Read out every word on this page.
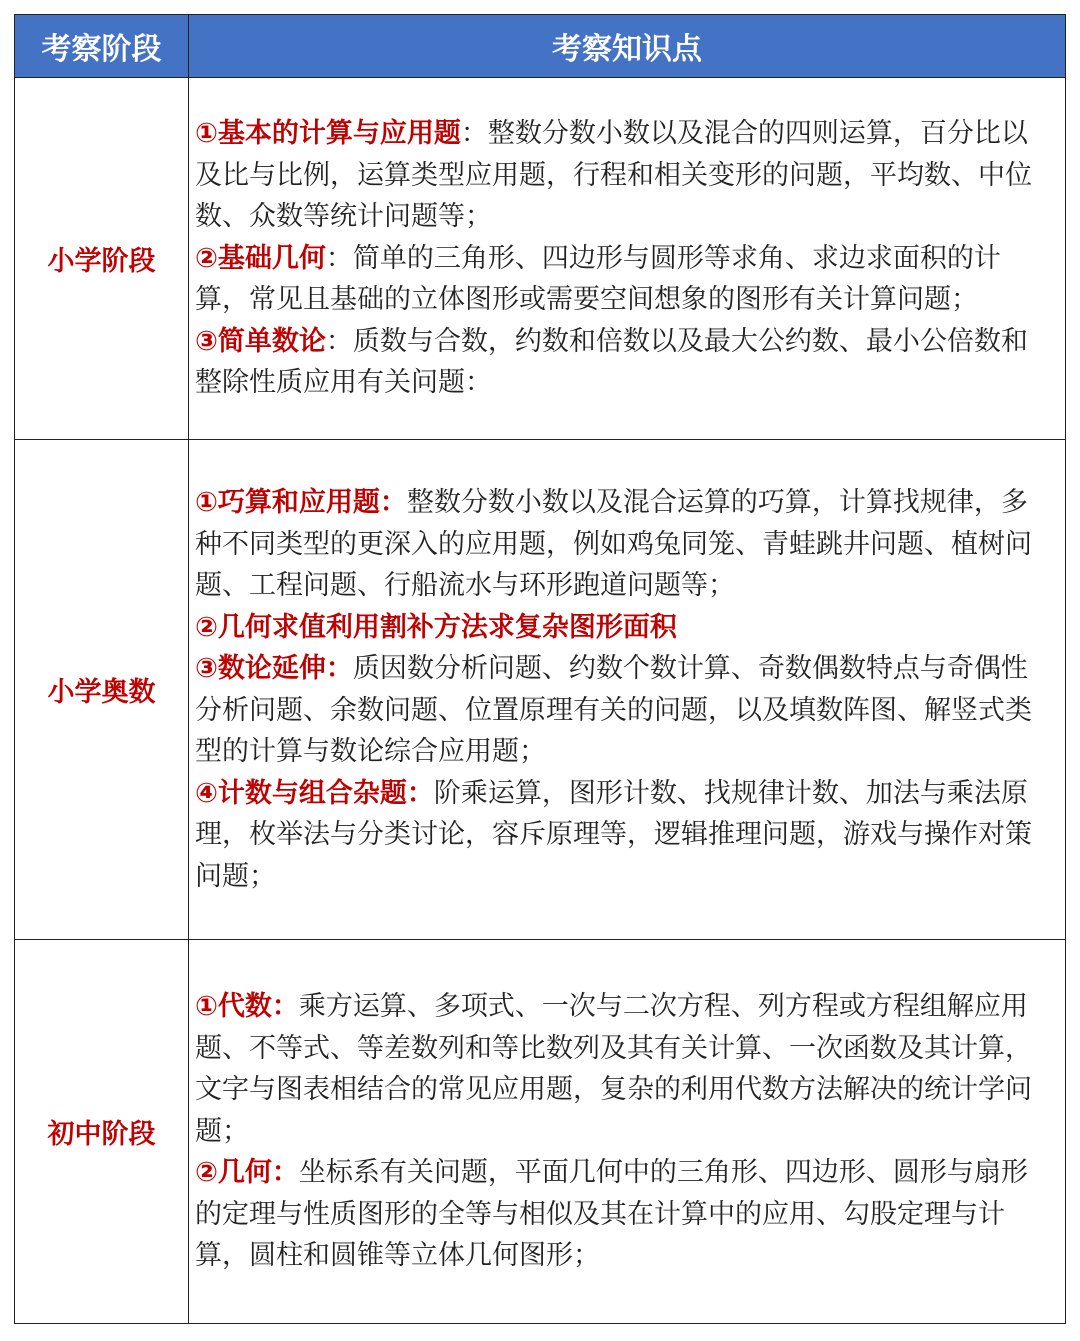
考察阶段	考察知识点
小学阶段	①基本的计算与应用题：整数分数小数以及混合的四则运算，百分比以及比与比例，运算类型应用题，行程和相关变形的问题，平均数、中位数、众数等统计问题等；
②基础几何：简单的三角形、四边形与圆形等求角、求边求面积的计算，常见且基础的立体图形或需要空间想象的图形有关计算问题；
③简单数论：质数与合数，约数和倍数以及最大公约数、最小公倍数和整除性质应用有关问题：

小学奥数	①巧算和应用题：整数分数小数以及混合运算的巧算，计算找规律，多种不同类型的更深入的应用题，例如鸡兔同笼、青蛙跳井问题、植树问题、工程问题、行船流水与环形跑道问题等；
②几何求值利用割补方法求复杂图形面积
③数论延伸：质因数分析问题、约数个数计算、奇数偶数特点与奇偶性分析问题、余数问题、位置原理有关的问题，以及填数阵图、解竖式类型的计算与数论综合应用题；
④计数与组合杂题：阶乘运算，图形计数、找规律计数、加法与乘法原理，枚举法与分类讨论，容斥原理等，逻辑推理问题，游戏与操作对策问题；

初中阶段	①代数：乘方运算、多项式、一次与二次方程、列方程或方程组解应用题、不等式、等差数列和等比数列及其有关计算、一次函数及其计算，文字与图表相结合的常见应用题，复杂的利用代数方法解决的统计学问题；
②几何：坐标系有关问题，平面几何中的三角形、四边形、圆形与扇形的定理与性质图形的全等与相似及其在计算中的应用、勾股定理与计算，圆柱和圆锥等立体几何图形；
